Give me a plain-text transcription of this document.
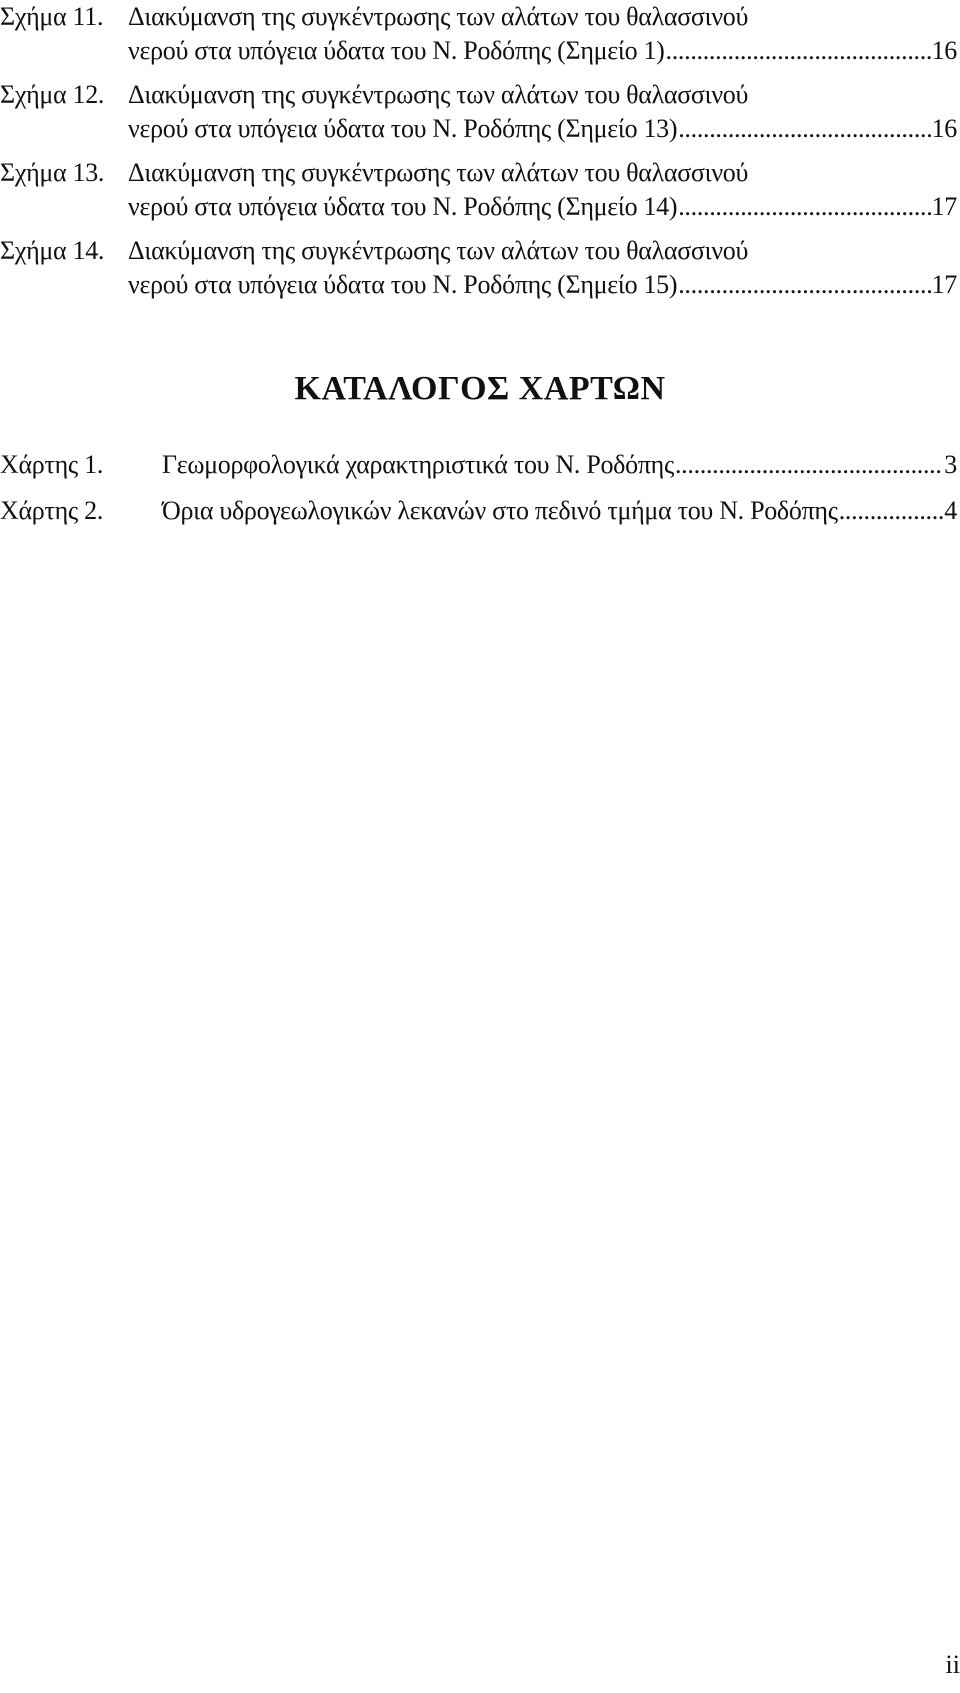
Σχήμα 11. Διακύμανση της συγκέντρωσης των αλάτων του θαλασσινού
νερού στα υπόγεια ύδατα του Ν. Ροδόπης (Σημείο 1) .....	16
Σχήμα 12. Διακύμανση της συγκέντρωσης των αλάτων του θαλασσινού
νερού στα υπόγεια ύδατα του Ν. Ροδόπης (Σημείο 13) .....	16
Σχήμα 13. Διακύμανση της συγκέντρωσης των αλάτων του θαλασσινού
νερού στα υπόγεια ύδατα του Ν. Ροδόπης (Σημείο 14) .....	17
Σχήμα 14. Διακύμανση της συγκέντρωσης των αλάτων του θαλασσινού
νερού στα υπόγεια ύδατα του Ν. Ροδόπης (Σημείο 15) .....	17
ΚΑΤΑΛΟΓΟΣ ΧΑΡΤΩΝ
Χάρτης 1.	Γεωμορφολογικά χαρακτηριστικά του Ν. Ροδόπης .....	3
Χάρτης 2.	Όρια υδρογεωλογικών λεκανών στο πεδινό τμήμα του Ν. Ροδόπης .....	4
ii
